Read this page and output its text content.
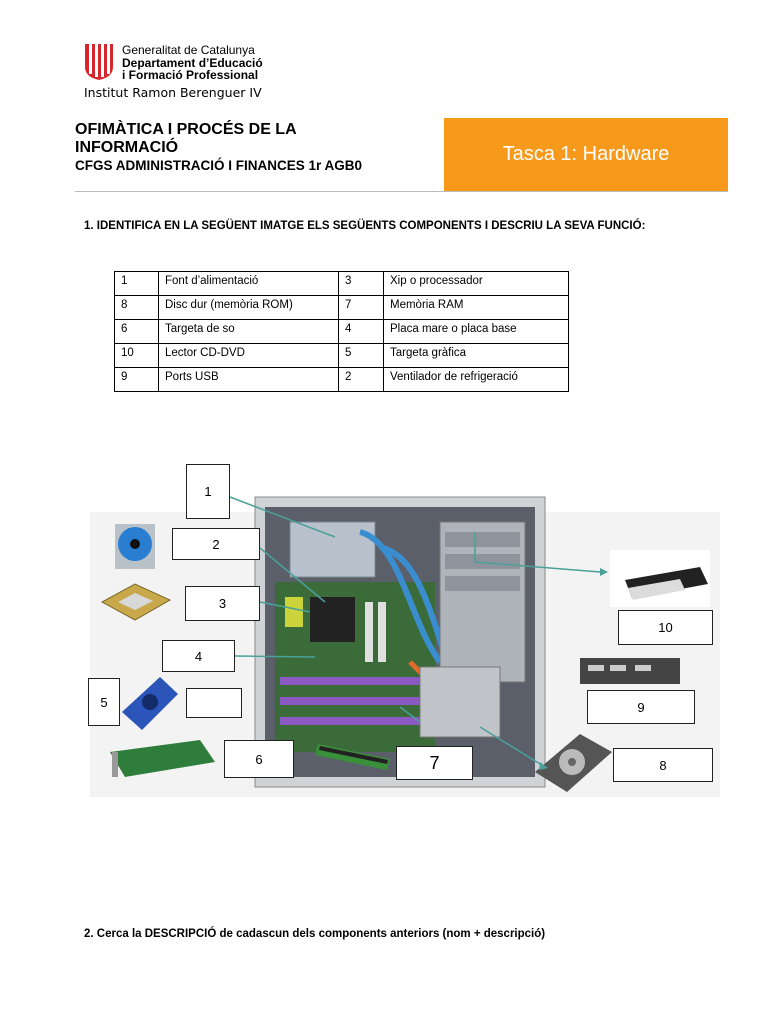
Generalitat de Catalunya
Departament d’Educació
i Formació Professional
Institut Ramon Berenguer IV
OFIMÀTICA I PROCÉS DE LA
INFORMACIÓ
CFGS ADMINISTRACIÓ I FINANCES 1r AGB0
Tasca 1: Hardware
1. IDENTIFICA EN LA SEGÜENT IMATGE ELS SEGÜENTS COMPONENTS I DESCRIU LA SEVA FUNCIÓ:
1	Font d’alimentació	3	Xip o processador
8	Disc dur (memòria ROM)	7	Memòria RAM
6	Targeta de so	4	Placa mare o placa base
10	Lector CD-DVD	5	Targeta gràfica
9	Ports USB	2	Ventilador de refrigeració
1
2
3
4
5
6	7	8
9
10
2. Cerca la DESCRIPCIÓ de cadascun dels components anteriors (nom + descripció)
